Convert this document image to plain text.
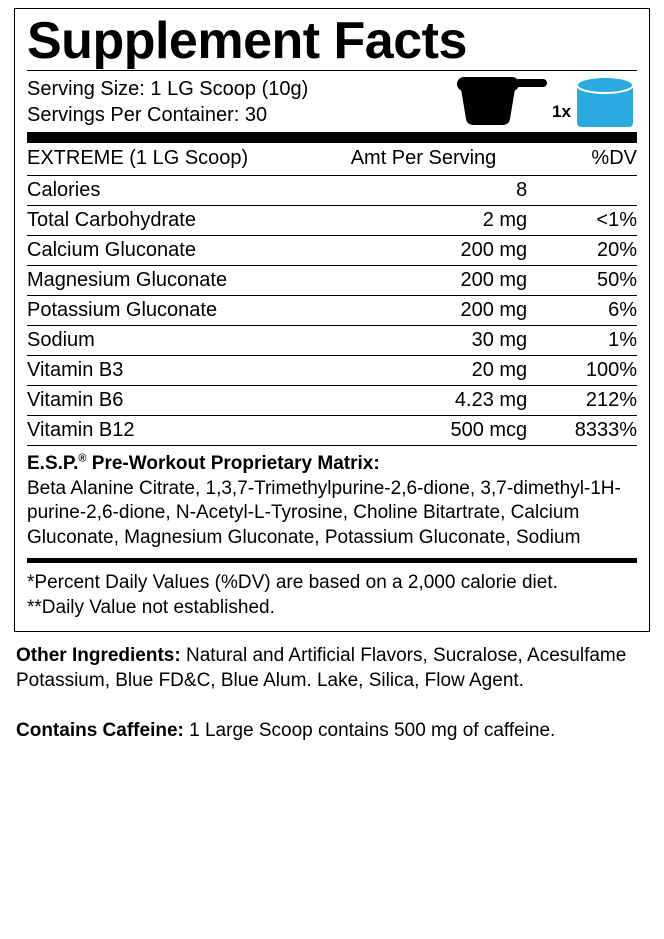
Supplement Facts
Serving Size: 1 LG Scoop (10g)
Servings Per Container: 30	1x
EXTREME (1 LG Scoop)	Amt Per Serving	%DV
Calories	8	
Total Carbohydrate	2 mg	<1%
Calcium Gluconate	200 mg	20%
Magnesium Gluconate	200 mg	50%
Potassium Gluconate	200 mg	6%
Sodium	30 mg	1%
Vitamin B3	20 mg	100%
Vitamin B6	4.23 mg	212%
Vitamin B12	500 mcg	8333%
E.S.P.® Pre-Workout Proprietary Matrix:
Beta Alanine Citrate, 1,3,7-Trimethylpurine-2,6-dione, 3,7-dimethyl-1H-purine-2,6-dione, N-Acetyl-L-Tyrosine, Choline Bitartrate, Calcium Gluconate, Magnesium Gluconate, Potassium Gluconate, Sodium
*Percent Daily Values (%DV) are based on a 2,000 calorie diet.
**Daily Value not established.
Other Ingredients: Natural and Artificial Flavors, Sucralose, Acesulfame Potassium, Blue FD&C, Blue Alum. Lake, Silica, Flow Agent.
Contains Caffeine: 1 Large Scoop contains 500 mg of caffeine.
